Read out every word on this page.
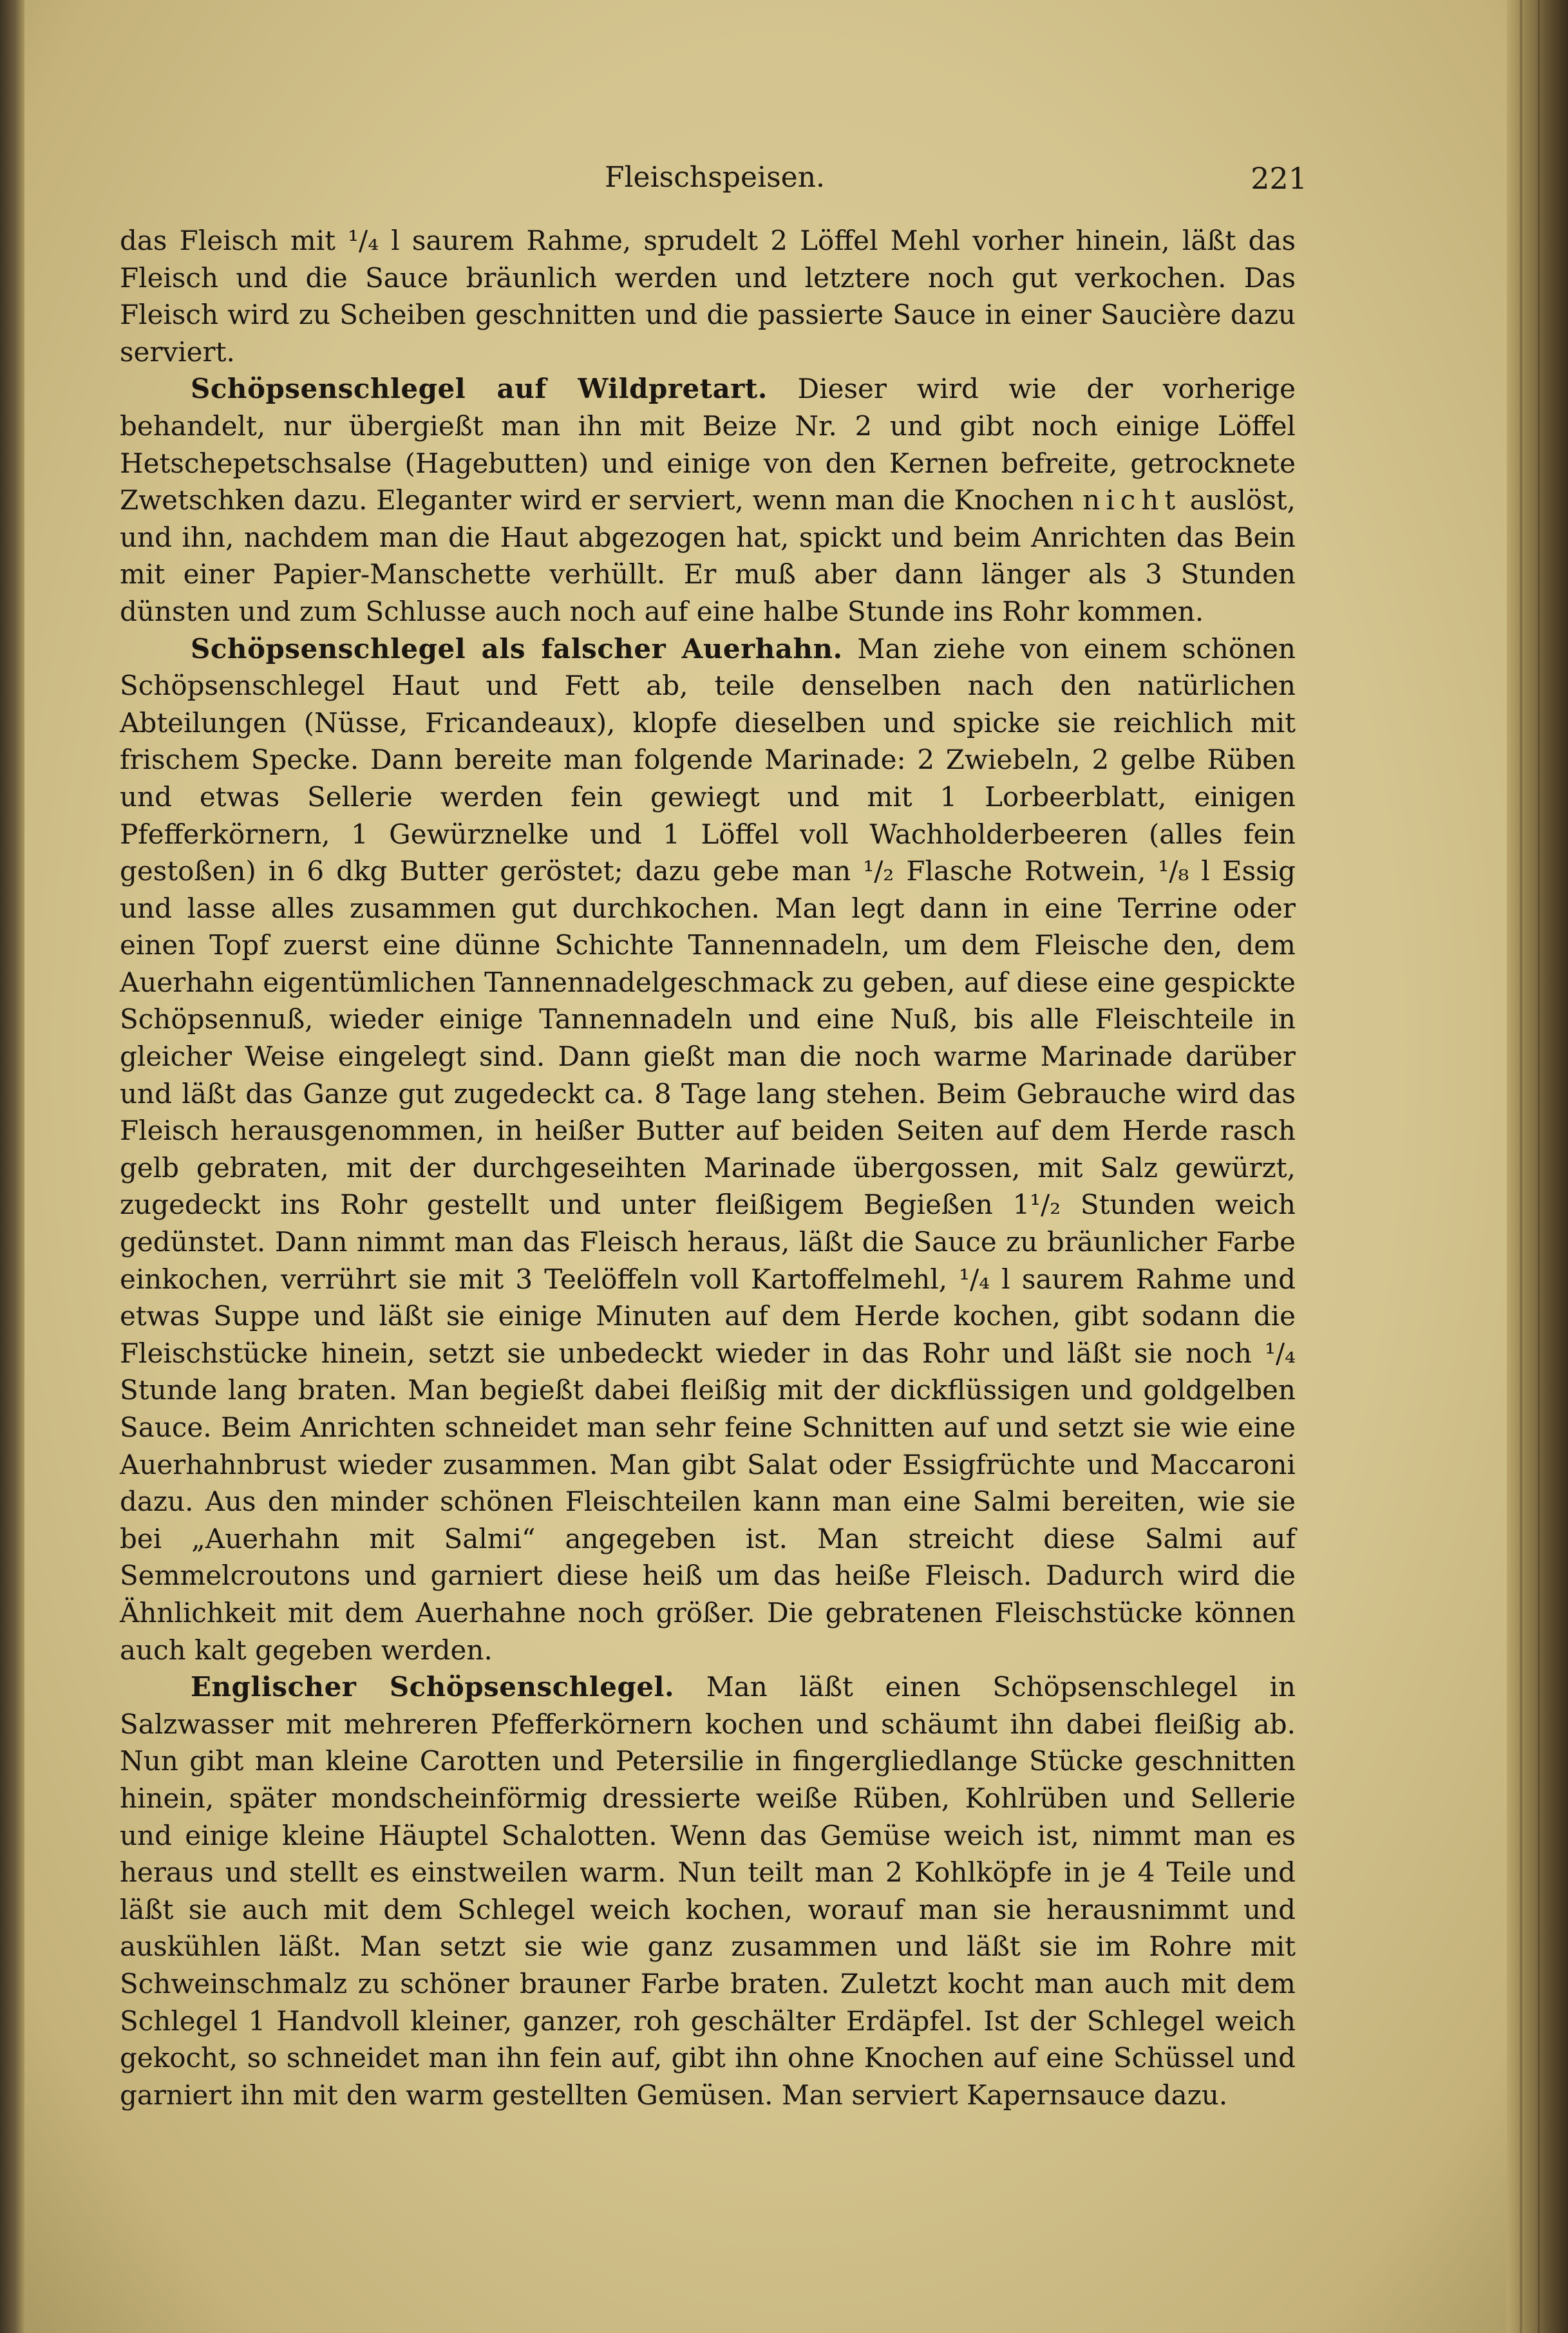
Fleischspeisen.	221

das Fleisch mit ¹/₄ l saurem Rahme, sprudelt 2 Löffel Mehl vorher hinein, läßt das Fleisch und die Sauce bräunlich werden und letztere noch gut verkochen. Das Fleisch wird zu Scheiben geschnitten und die passierte Sauce in einer Saucière dazu serviert.

Schöpsenschlegel auf Wildpretart. Dieser wird wie der vorherige behandelt, nur übergießt man ihn mit Beize Nr. 2 und gibt noch einige Löffel Hetschepetschsalse (Hagebutten) und einige von den Kernen befreite, getrocknete Zwetschken dazu. Eleganter wird er serviert, wenn man die Knochen nicht auslöst, und ihn, nachdem man die Haut abgezogen hat, spickt und beim Anrichten das Bein mit einer Papier-Manschette verhüllt. Er muß aber dann länger als 3 Stunden dünsten und zum Schlusse auch noch auf eine halbe Stunde ins Rohr kommen.

Schöpsenschlegel als falscher Auerhahn. Man ziehe von einem schönen Schöpsenschlegel Haut und Fett ab, teile denselben nach den natürlichen Abteilungen (Nüsse, Fricandeaux), klopfe dieselben und spicke sie reichlich mit frischem Specke. Dann bereite man folgende Marinade: 2 Zwiebeln, 2 gelbe Rüben und etwas Sellerie werden fein gewiegt und mit 1 Lorbeerblatt, einigen Pfefferkörnern, 1 Gewürznelke und 1 Löffel voll Wachholderbeeren (alles fein gestoßen) in 6 dkg Butter geröstet; dazu gebe man ¹/₂ Flasche Rotwein, ¹/₈ l Essig und lasse alles zusammen gut durchkochen. Man legt dann in eine Terrine oder einen Topf zuerst eine dünne Schichte Tannennadeln, um dem Fleische den, dem Auerhahn eigentümlichen Tannennadelgeschmack zu geben, auf diese eine gespickte Schöpsennuß, wieder einige Tannennadeln und eine Nuß, bis alle Fleischteile in gleicher Weise eingelegt sind. Dann gießt man die noch warme Marinade darüber und läßt das Ganze gut zugedeckt ca. 8 Tage lang stehen. Beim Gebrauche wird das Fleisch herausgenommen, in heißer Butter auf beiden Seiten auf dem Herde rasch gelb gebraten, mit der durchgeseihten Marinade übergossen, mit Salz gewürzt, zugedeckt ins Rohr gestellt und unter fleißigem Begießen 1¹/₂ Stunden weich gedünstet. Dann nimmt man das Fleisch heraus, läßt die Sauce zu bräunlicher Farbe einkochen, verrührt sie mit 3 Teelöffeln voll Kartoffelmehl, ¹/₄ l saurem Rahme und etwas Suppe und läßt sie einige Minuten auf dem Herde kochen, gibt sodann die Fleischstücke hinein, setzt sie unbedeckt wieder in das Rohr und läßt sie noch ¹/₄ Stunde lang braten. Man begießt dabei fleißig mit der dickflüssigen und goldgelben Sauce. Beim Anrichten schneidet man sehr feine Schnitten auf und setzt sie wie eine Auerhahnbrust wieder zusammen. Man gibt Salat oder Essigfrüchte und Maccaroni dazu. Aus den minder schönen Fleischteilen kann man eine Salmi bereiten, wie sie bei „Auerhahn mit Salmi“ angegeben ist. Man streicht diese Salmi auf Semmelcroutons und garniert diese heiß um das heiße Fleisch. Dadurch wird die Ähnlichkeit mit dem Auerhahne noch größer. Die gebratenen Fleischstücke können auch kalt gegeben werden.

Englischer Schöpsenschlegel. Man läßt einen Schöpsenschlegel in Salzwasser mit mehreren Pfefferkörnern kochen und schäumt ihn dabei fleißig ab. Nun gibt man kleine Carotten und Petersilie in fingergliedlange Stücke geschnitten hinein, später mondscheinförmig dressierte weiße Rüben, Kohlrüben und Sellerie und einige kleine Häuptel Schalotten. Wenn das Gemüse weich ist, nimmt man es heraus und stellt es einstweilen warm. Nun teilt man 2 Kohlköpfe in je 4 Teile und läßt sie auch mit dem Schlegel weich kochen, worauf man sie herausnimmt und auskühlen läßt. Man setzt sie wie ganz zusammen und läßt sie im Rohre mit Schweinschmalz zu schöner brauner Farbe braten. Zuletzt kocht man auch mit dem Schlegel 1 Handvoll kleiner, ganzer, roh geschälter Erdäpfel. Ist der Schlegel weich gekocht, so schneidet man ihn fein auf, gibt ihn ohne Knochen auf eine Schüssel und garniert ihn mit den warm gestellten Gemüsen. Man serviert Kapernsauce dazu.
